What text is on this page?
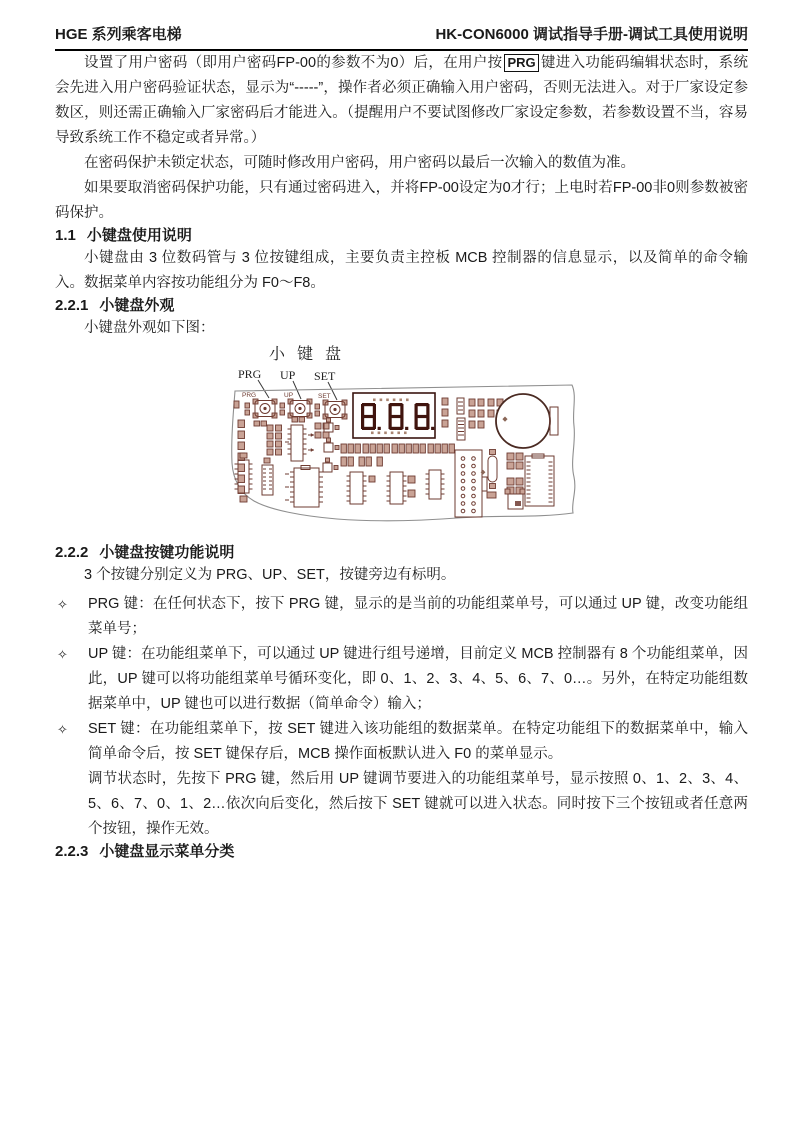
HGE 系列乘客电梯	HK-CON6000 调试指导手册-调试工具使用说明

设置了用户密码（即用户密码FP-00的参数不为0）后，在用户按 PRG 键进入功能码编辑状态时，系统会先进入用户密码验证状态，显示为“-----”，操作者必须正确输入用户密码，否则无法进入。对于厂家设定参数区，则还需正确输入厂家密码后才能进入。（提醒用户不要试图修改厂家设定参数，若参数设置不当，容易导致系统工作不稳定或者异常。）

在密码保护未锁定状态，可随时修改用户密码，用户密码以最后一次输入的数值为准。

如果要取消密码保护功能，只有通过密码进入，并将FP-00设定为0才行；上电时若FP-00非0则参数被密码保护。

1.1 小键盘使用说明

小键盘由 3 位数码管与 3 位按键组成，主要负责主控板 MCB 控制器的信息显示，以及简单的命令输入。数据菜单内容按功能组分为 F0～F8。

2.2.1 小键盘外观

小键盘外观如下图：

小 键 盘
PRG UP SET
PRG	UP	SET
2.2.2 小键盘按键功能说明

3 个按键分别定义为 PRG、UP、SET，按键旁边有标明。

✧ PRG 键：在任何状态下，按下 PRG 键，显示的是当前的功能组菜单号，可以通过 UP 键，改变功能组菜单号；
✧ UP 键：在功能组菜单下，可以通过 UP 键进行组号递增，目前定义 MCB 控制器有 8 个功能组菜单，因此，UP 键可以将功能组菜单号循环变化，即 0、1、2、3、4、5、6、7、0…。另外，在特定功能组数据菜单中，UP 键也可以进行数据（简单命令）输入；
✧ SET 键：在功能组菜单下，按 SET 键进入该功能组的数据菜单。在特定功能组下的数据菜单中，输入简单命令后，按 SET 键保存后，MCB 操作面板默认进入 F0 的菜单显示。

调节状态时，先按下 PRG 键，然后用 UP 键调节要进入的功能组菜单号，显示按照 0、1、2、3、4、5、6、7、0、1、2…依次向后变化，然后按下 SET 键就可以进入状态。同时按下三个按钮或者任意两个按钮，操作无效。

2.2.3 小键盘显示菜单分类
